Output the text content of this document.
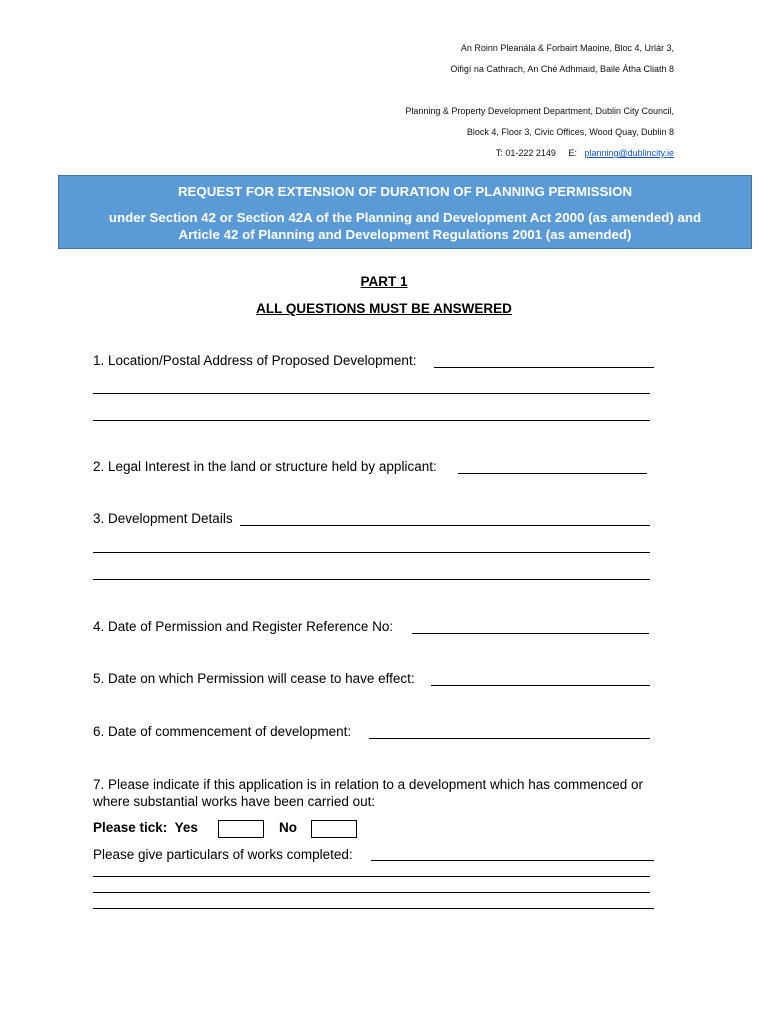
An Roinn Pleanála & Forbairt Maoine, Bloc 4, Urlár 3,
Oifigí na Cathrach, An Ché Adhmaid, Baile Átha Cliath 8
Planning & Property Development Department, Dublin City Council,
Block 4, Floor 3, Civic Offices, Wood Quay, Dublin 8
T: 01-222 2149 E: planning@dublincity.ie
REQUEST FOR EXTENSION OF DURATION OF PLANNING PERMISSION
under Section 42 or Section 42A of the Planning and Development Act 2000 (as amended) and
Article 42 of Planning and Development Regulations 2001 (as amended)
PART 1
ALL QUESTIONS MUST BE ANSWERED
1. Location/Postal Address of Proposed Development:
2. Legal Interest in the land or structure held by applicant:
3. Development Details
4. Date of Permission and Register Reference No:
5. Date on which Permission will cease to have effect:
6. Date of commencement of development:
7. Please indicate if this application is in relation to a development which has commenced or
where substantial works have been carried out:
Please tick: Yes	No
Please give particulars of works completed:
